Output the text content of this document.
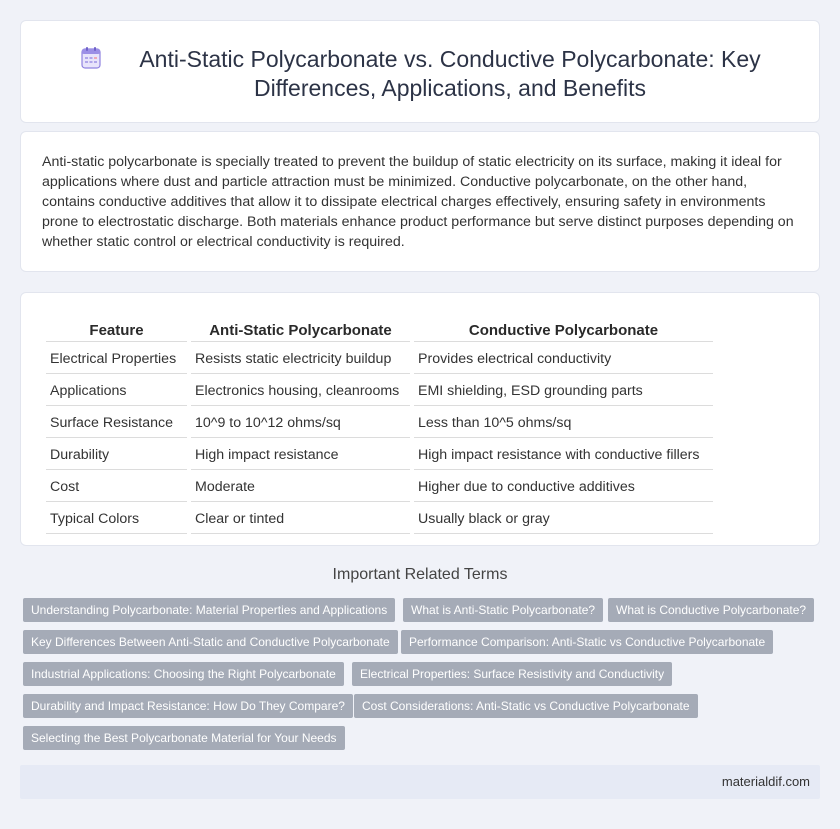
Anti-Static Polycarbonate vs. Conductive Polycarbonate: Key Differences, Applications, and Benefits
Anti-static polycarbonate is specially treated to prevent the buildup of static electricity on its surface, making it ideal for applications where dust and particle attraction must be minimized. Conductive polycarbonate, on the other hand, contains conductive additives that allow it to dissipate electrical charges effectively, ensuring safety in environments prone to electrostatic discharge. Both materials enhance product performance but serve distinct purposes depending on whether static control or electrical conductivity is required.
Feature	Anti-Static Polycarbonate	Conductive Polycarbonate
Electrical Properties	Resists static electricity buildup	Provides electrical conductivity
Applications	Electronics housing, cleanrooms	EMI shielding, ESD grounding parts
Surface Resistance	10^9 to 10^12 ohms/sq	Less than 10^5 ohms/sq
Durability	High impact resistance	High impact resistance with conductive fillers
Cost	Moderate	Higher due to conductive additives
Typical Colors	Clear or tinted	Usually black or gray
Important Related Terms
Understanding Polycarbonate: Material Properties and Applications	What is Anti-Static Polycarbonate?	What is Conductive Polycarbonate?
Key Differences Between Anti-Static and Conductive Polycarbonate	Performance Comparison: Anti-Static vs Conductive Polycarbonate
Industrial Applications: Choosing the Right Polycarbonate	Electrical Properties: Surface Resistivity and Conductivity
Durability and Impact Resistance: How Do They Compare?	Cost Considerations: Anti-Static vs Conductive Polycarbonate
Selecting the Best Polycarbonate Material for Your Needs
materialdif.com
